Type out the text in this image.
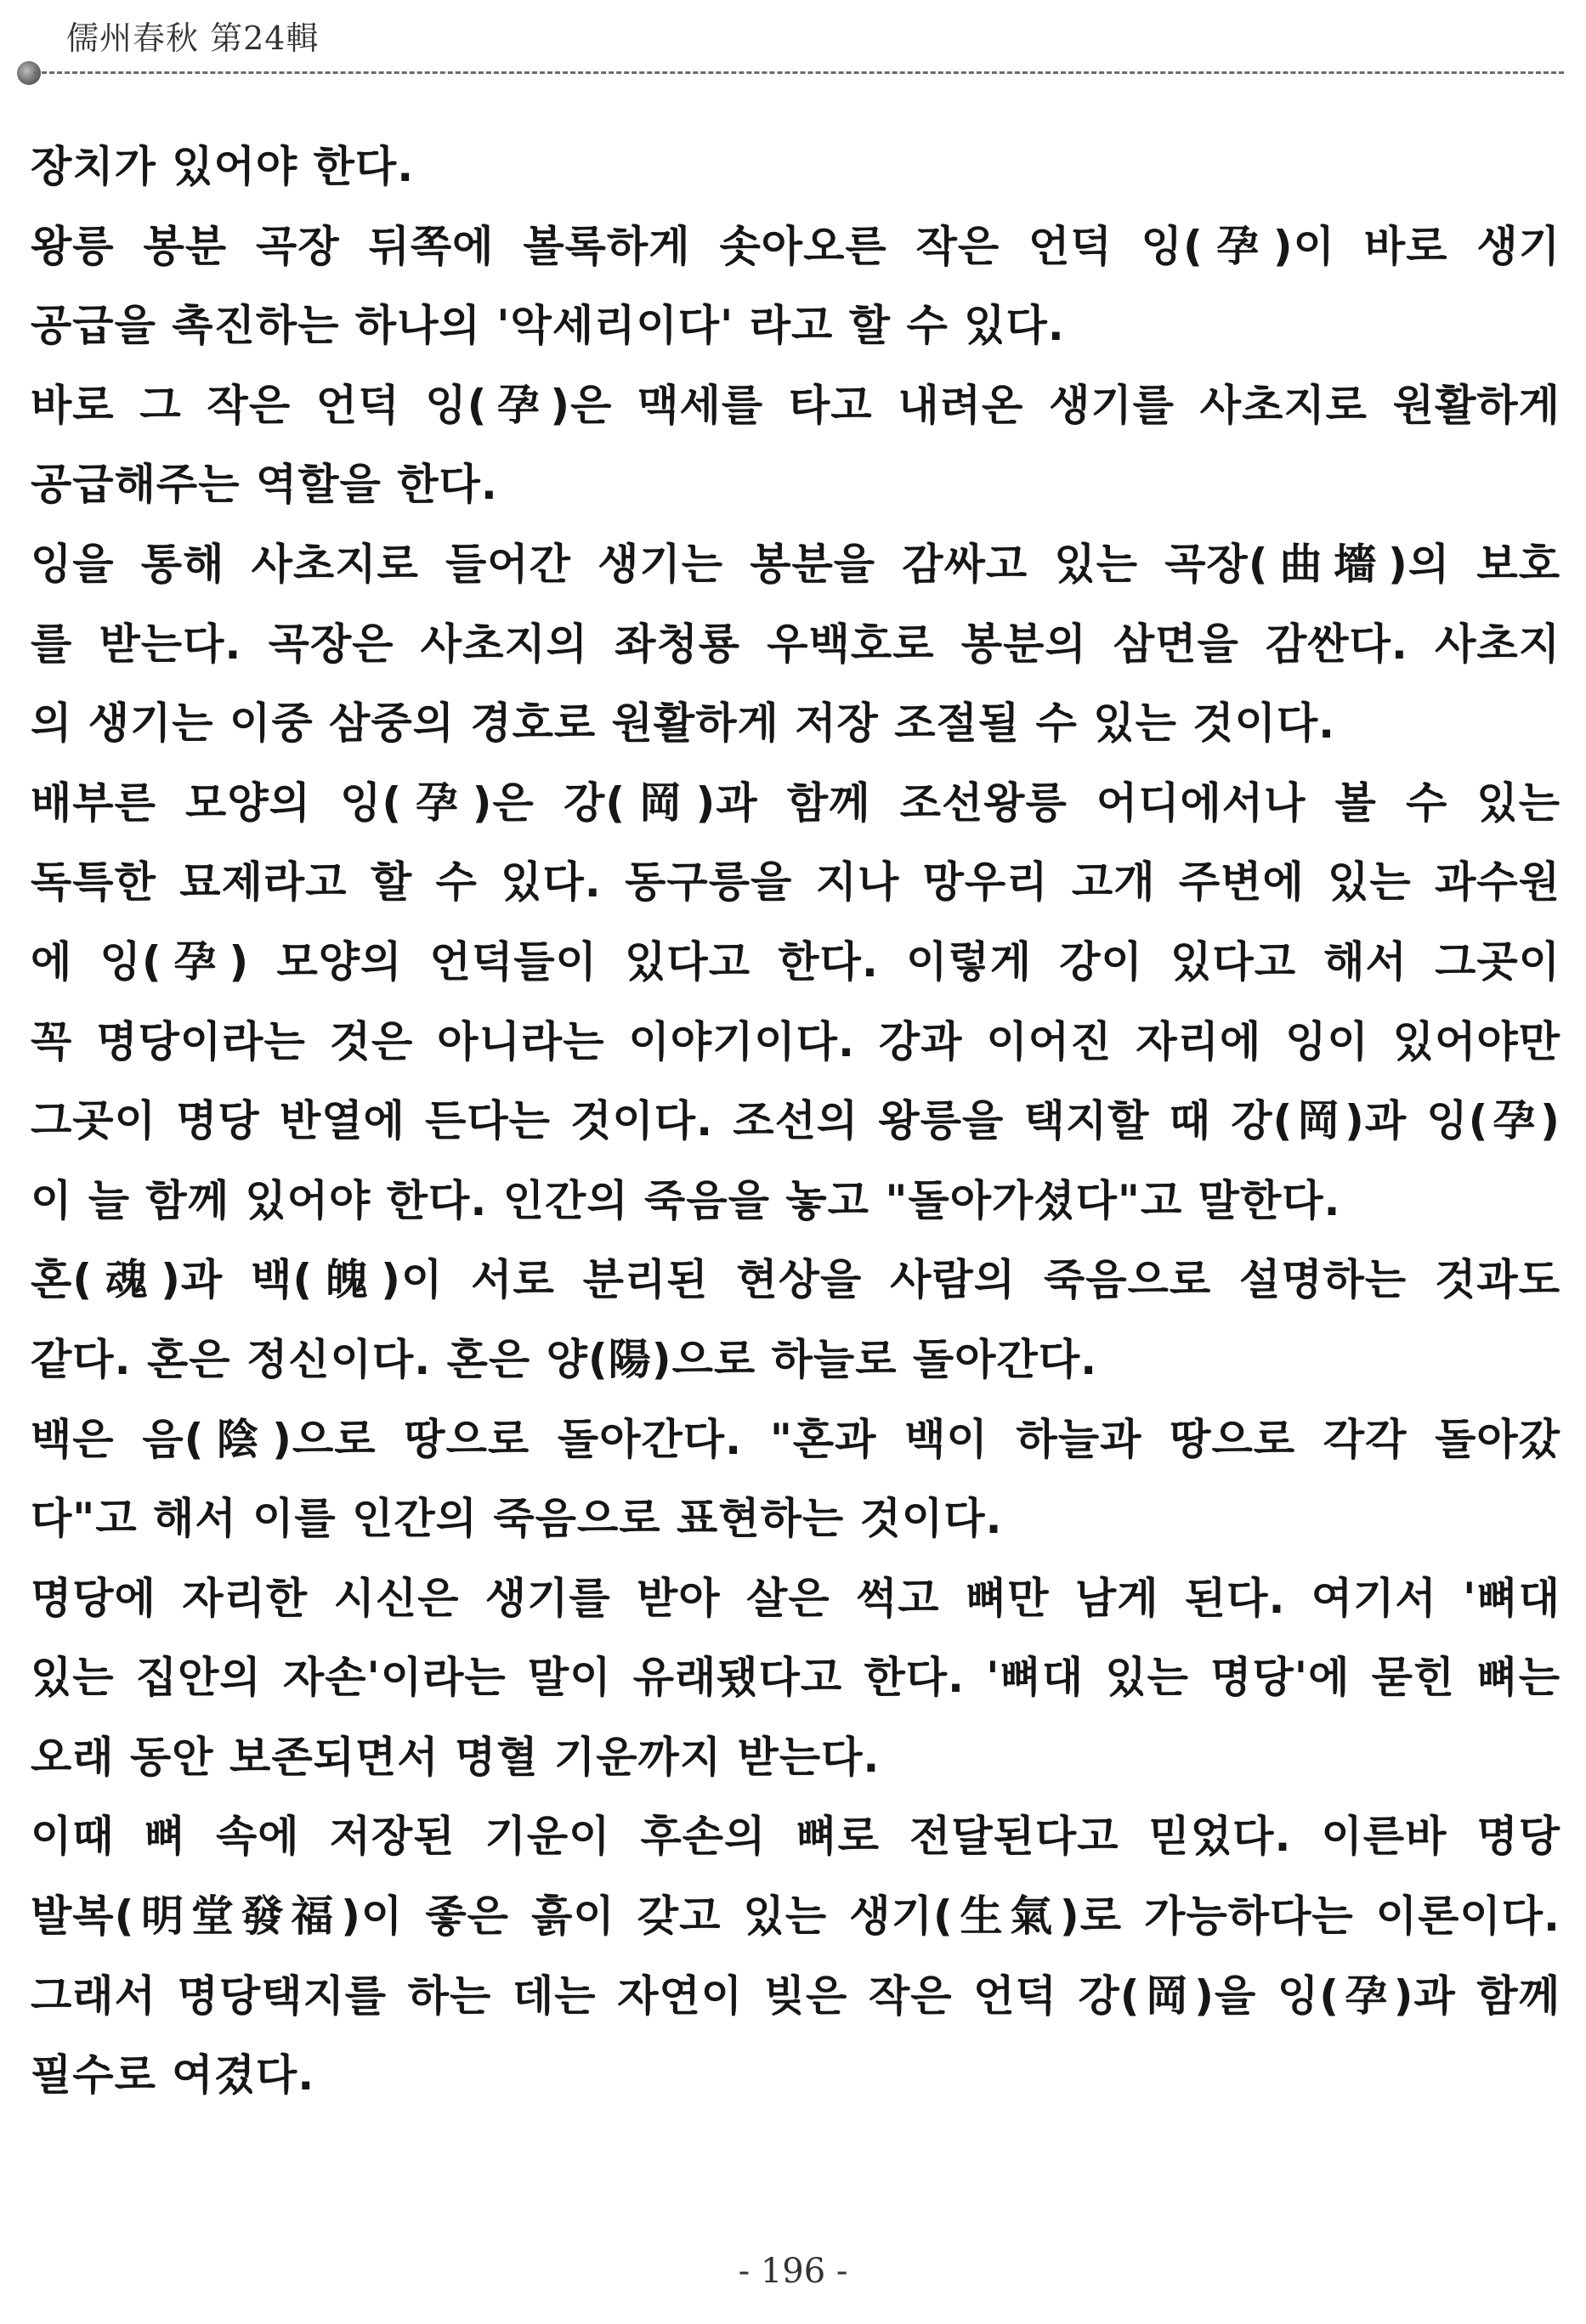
儒州春秋 第24輯
장치가 있어야 한다.
왕릉 봉분 곡장 뒤쪽에 볼록하게 솟아오른 작은 언덕 잉(孕)이 바로 생기
공급을 촉진하는 하나의 '악세리이다' 라고 할 수 있다.
바로 그 작은 언덕 잉(孕)은 맥세를 타고 내려온 생기를 사초지로 원활하게
공급해주는 역할을 한다.
잉을 통해 사초지로 들어간 생기는 봉분을 감싸고 있는 곡장(曲墻)의 보호
를 받는다. 곡장은 사초지의 좌청룡 우백호로 봉분의 삼면을 감싼다. 사초지
의 생기는 이중 삼중의 경호로 원활하게 저장 조절될 수 있는 것이다.
배부른 모양의 잉(孕)은 강(岡)과 함께 조선왕릉 어디에서나 볼 수 있는
독특한 묘제라고 할 수 있다. 동구릉을 지나 망우리 고개 주변에 있는 과수원
에 잉(孕) 모양의 언덕들이 있다고 한다. 이렇게 강이 있다고 해서 그곳이
꼭 명당이라는 것은 아니라는 이야기이다. 강과 이어진 자리에 잉이 있어야만
그곳이 명당 반열에 든다는 것이다. 조선의 왕릉을 택지할 때 강(岡)과 잉(孕)
이 늘 함께 있어야 한다. 인간의 죽음을 놓고 "돌아가셨다"고 말한다.
혼(魂)과 백(魄)이 서로 분리된 현상을 사람의 죽음으로 설명하는 것과도
같다. 혼은 정신이다. 혼은 양(陽)으로 하늘로 돌아간다.
백은 음(陰)으로 땅으로 돌아간다. "혼과 백이 하늘과 땅으로 각각 돌아갔
다"고 해서 이를 인간의 죽음으로 표현하는 것이다.
명당에 자리한 시신은 생기를 받아 살은 썩고 뼈만 남게 된다. 여기서 '뼈대
있는 집안의 자손'이라는 말이 유래됐다고 한다. '뼈대 있는 명당'에 묻힌 뼈는
오래 동안 보존되면서 명혈 기운까지 받는다.
이때 뼈 속에 저장된 기운이 후손의 뼈로 전달된다고 믿었다. 이른바 명당
발복(明堂發福)이 좋은 흙이 갖고 있는 생기(生氣)로 가능하다는 이론이다.
그래서 명당택지를 하는 데는 자연이 빚은 작은 언덕 강(岡)을 잉(孕)과 함께
필수로 여겼다.
- 196 -
